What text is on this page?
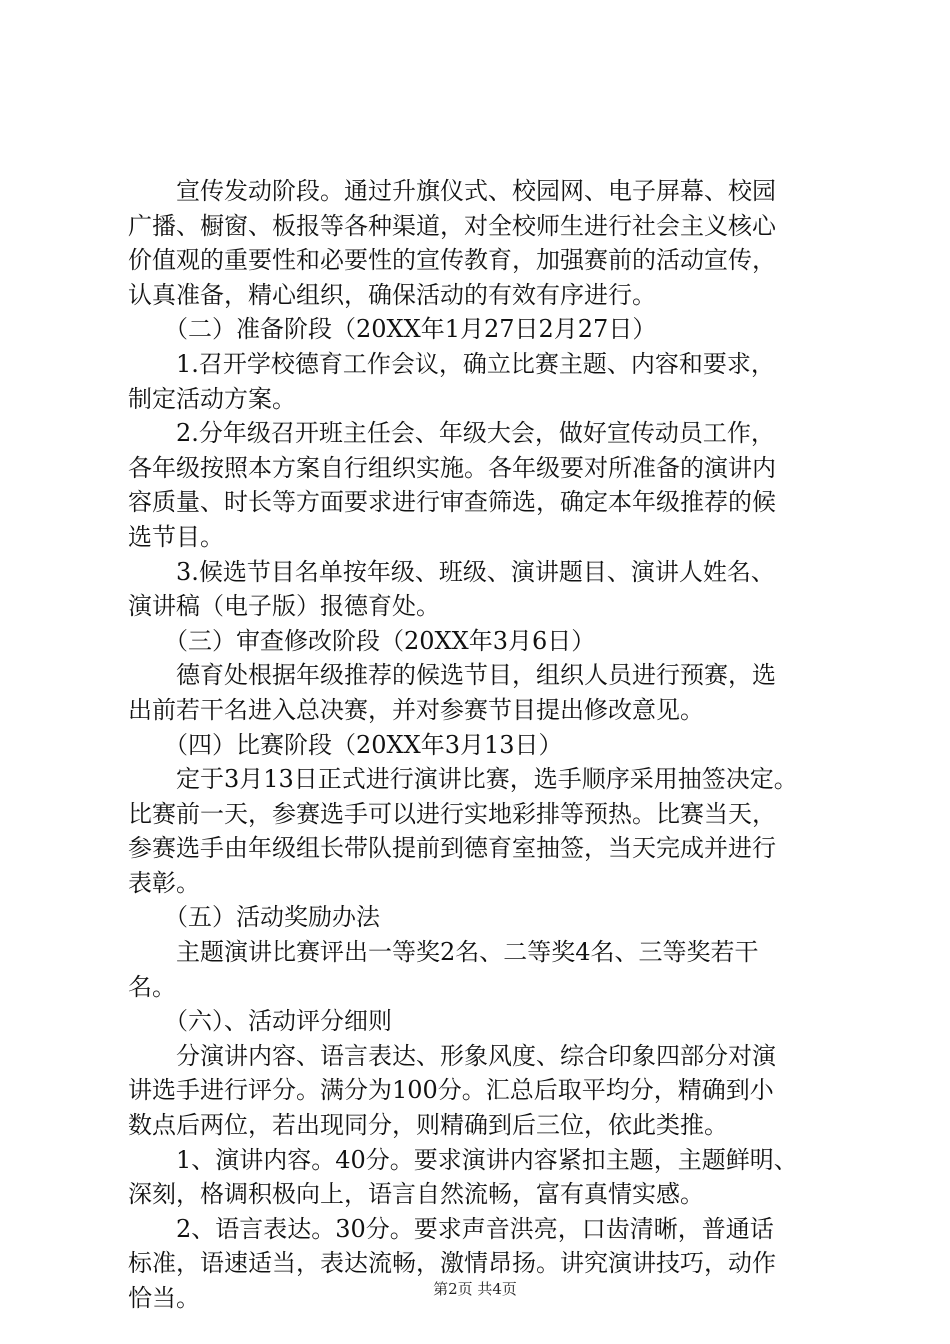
　　宣传发动阶段。通过升旗仪式、校园网、电子屏幕、校园
广播、橱窗、板报等各种渠道，对全校师生进行社会主义核心
价值观的重要性和必要性的宣传教育，加强赛前的活动宣传，
认真准备，精心组织，确保活动的有效有序进行。
　　（二）准备阶段（20XX年1月27日2月27日）
　　1.召开学校德育工作会议，确立比赛主题、内容和要求，
制定活动方案。
　　2.分年级召开班主任会、年级大会，做好宣传动员工作，
各年级按照本方案自行组织实施。各年级要对所准备的演讲内
容质量、时长等方面要求进行审查筛选，确定本年级推荐的候
选节目。
　　3.候选节目名单按年级、班级、演讲题目、演讲人姓名、
演讲稿（电子版）报德育处。
　　（三）审查修改阶段（20XX年3月6日）
　　德育处根据年级推荐的候选节目，组织人员进行预赛，选
出前若干名进入总决赛，并对参赛节目提出修改意见。
　　（四）比赛阶段（20XX年3月13日）
　　定于3月13日正式进行演讲比赛，选手顺序采用抽签决定。
比赛前一天，参赛选手可以进行实地彩排等预热。比赛当天，
参赛选手由年级组长带队提前到德育室抽签，当天完成并进行
表彰。
　　（五）活动奖励办法
　　主题演讲比赛评出一等奖2名、二等奖4名、三等奖若干
名。
　　（六）、活动评分细则
　　分演讲内容、语言表达、形象风度、综合印象四部分对演
讲选手进行评分。满分为100分。汇总后取平均分，精确到小
数点后两位，若出现同分，则精确到后三位，依此类推。
　　1、演讲内容。40分。要求演讲内容紧扣主题，主题鲜明、
深刻，格调积极向上，语言自然流畅，富有真情实感。
　　2、语言表达。30分。要求声音洪亮，口齿清晰，普通话
标准，语速适当，表达流畅，激情昂扬。讲究演讲技巧，动作
恰当。	第2页 共4页
